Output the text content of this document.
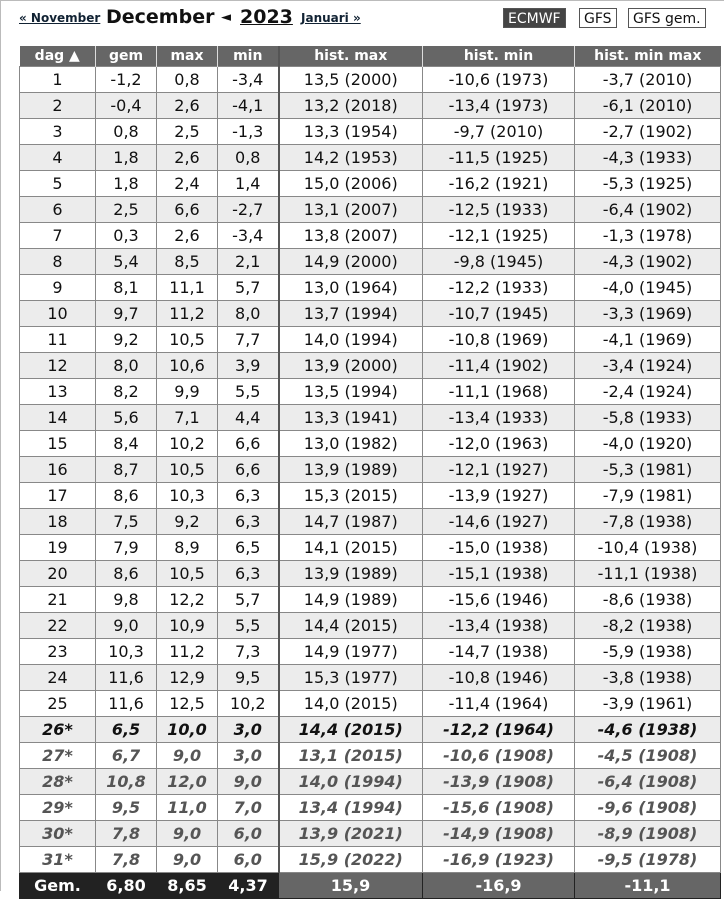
« November December ◄ 2023 Januari »	ECMWF	GFS	GFS gem.
dag ▲	gem	max	min	hist. max	hist. min	hist. min max
1	-1,2	0,8	-3,4	13,5 (2000)	-10,6 (1973)	-3,7 (2010)
2	-0,4	2,6	-4,1	13,2 (2018)	-13,4 (1973)	-6,1 (2010)
3	0,8	2,5	-1,3	13,3 (1954)	-9,7 (2010)	-2,7 (1902)
4	1,8	2,6	0,8	14,2 (1953)	-11,5 (1925)	-4,3 (1933)
5	1,8	2,4	1,4	15,0 (2006)	-16,2 (1921)	-5,3 (1925)
6	2,5	6,6	-2,7	13,1 (2007)	-12,5 (1933)	-6,4 (1902)
7	0,3	2,6	-3,4	13,8 (2007)	-12,1 (1925)	-1,3 (1978)
8	5,4	8,5	2,1	14,9 (2000)	-9,8 (1945)	-4,3 (1902)
9	8,1	11,1	5,7	13,0 (1964)	-12,2 (1933)	-4,0 (1945)
10	9,7	11,2	8,0	13,7 (1994)	-10,7 (1945)	-3,3 (1969)
11	9,2	10,5	7,7	14,0 (1994)	-10,8 (1969)	-4,1 (1969)
12	8,0	10,6	3,9	13,9 (2000)	-11,4 (1902)	-3,4 (1924)
13	8,2	9,9	5,5	13,5 (1994)	-11,1 (1968)	-2,4 (1924)
14	5,6	7,1	4,4	13,3 (1941)	-13,4 (1933)	-5,8 (1933)
15	8,4	10,2	6,6	13,0 (1982)	-12,0 (1963)	-4,0 (1920)
16	8,7	10,5	6,6	13,9 (1989)	-12,1 (1927)	-5,3 (1981)
17	8,6	10,3	6,3	15,3 (2015)	-13,9 (1927)	-7,9 (1981)
18	7,5	9,2	6,3	14,7 (1987)	-14,6 (1927)	-7,8 (1938)
19	7,9	8,9	6,5	14,1 (2015)	-15,0 (1938)	-10,4 (1938)
20	8,6	10,5	6,3	13,9 (1989)	-15,1 (1938)	-11,1 (1938)
21	9,8	12,2	5,7	14,9 (1989)	-15,6 (1946)	-8,6 (1938)
22	9,0	10,9	5,5	14,4 (2015)	-13,4 (1938)	-8,2 (1938)
23	10,3	11,2	7,3	14,9 (1977)	-14,7 (1938)	-5,9 (1938)
24	11,6	12,9	9,5	15,3 (1977)	-10,8 (1946)	-3,8 (1938)
25	11,6	12,5	10,2	14,0 (2015)	-11,4 (1964)	-3,9 (1961)
26*	6,5	10,0	3,0	14,4 (2015)	-12,2 (1964)	-4,6 (1938)
27*	6,7	9,0	3,0	13,1 (2015)	-10,6 (1908)	-4,5 (1908)
28*	10,8	12,0	9,0	14,0 (1994)	-13,9 (1908)	-6,4 (1908)
29*	9,5	11,0	7,0	13,4 (1994)	-15,6 (1908)	-9,6 (1908)
30*	7,8	9,0	6,0	13,9 (2021)	-14,9 (1908)	-8,9 (1908)
31*	7,8	9,0	6,0	15,9 (2022)	-16,9 (1923)	-9,5 (1978)
Gem.	6,80	8,65	4,37	15,9	-16,9	-11,1
